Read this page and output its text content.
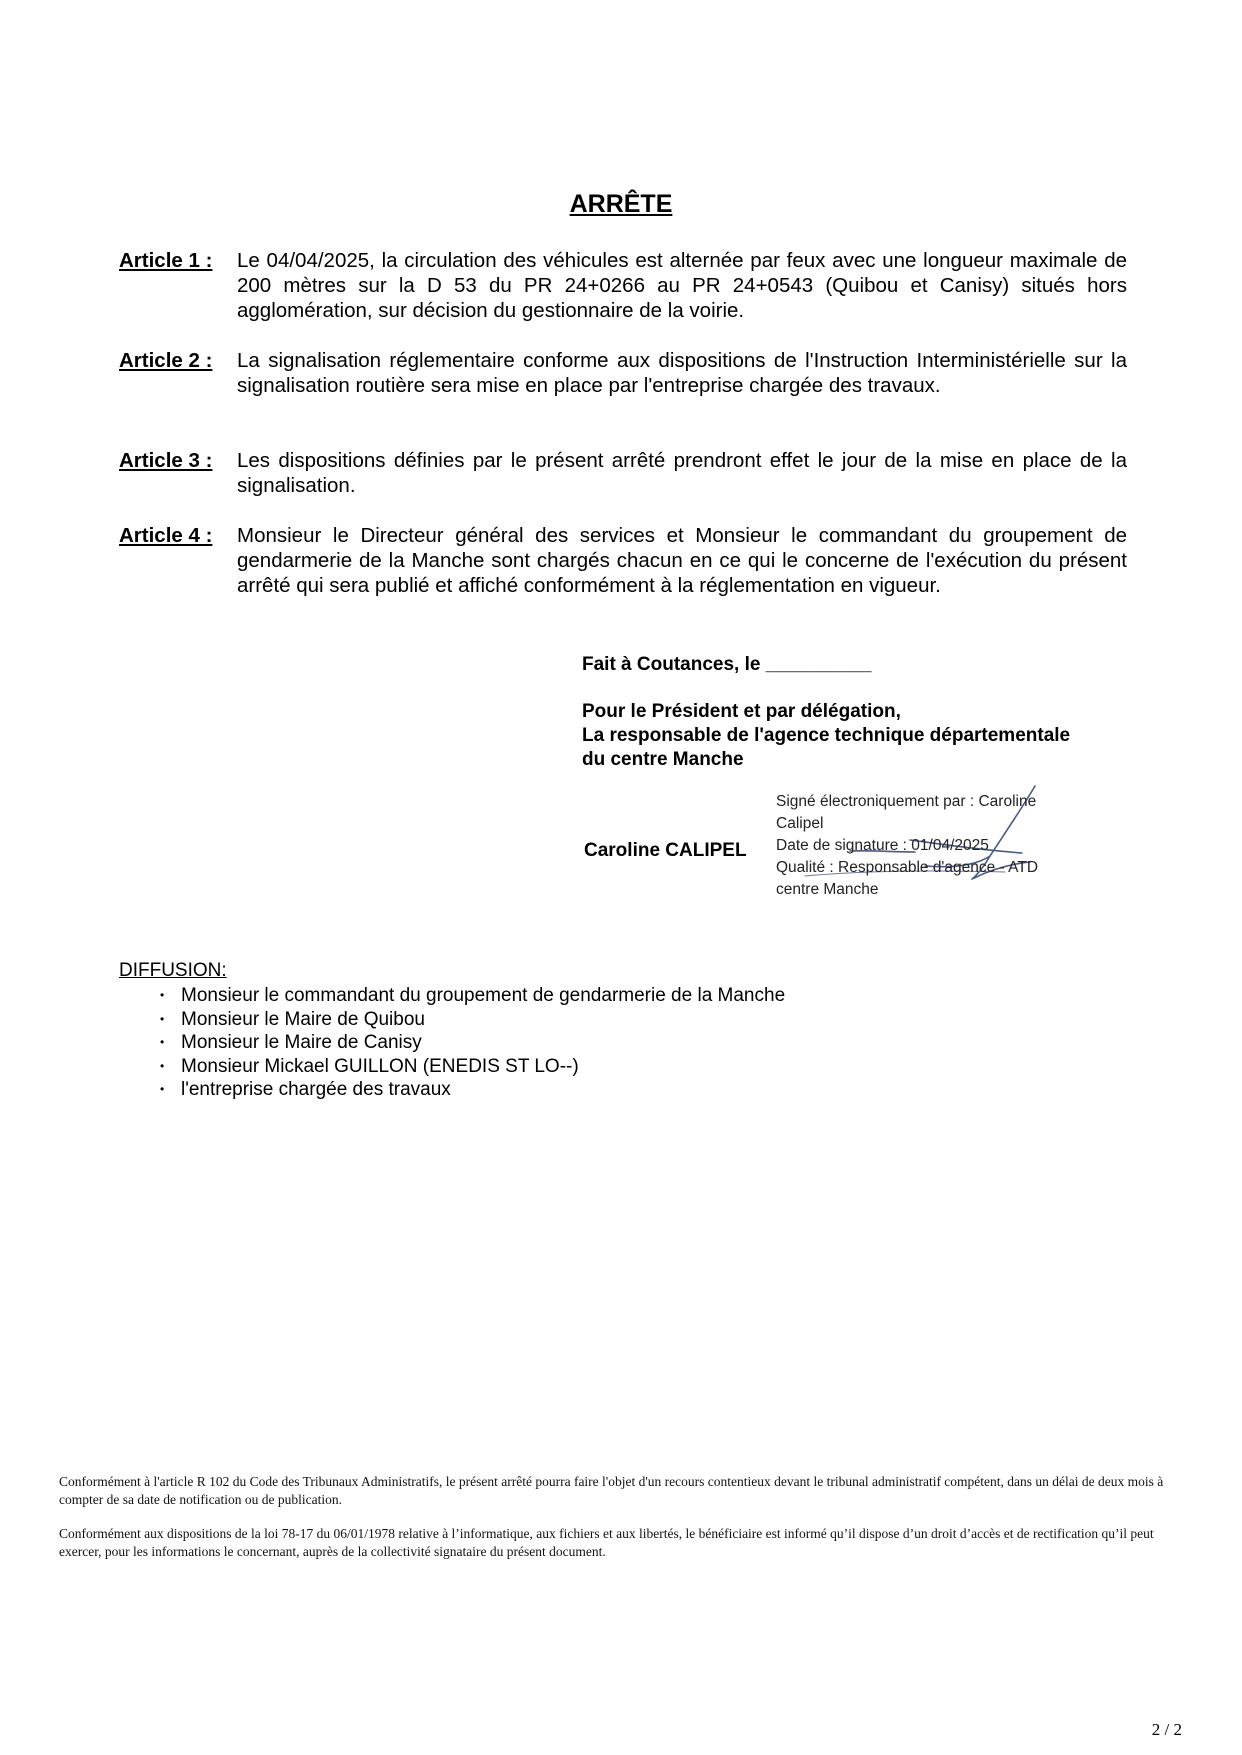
ARRÊTE
Article 1 : Le 04/04/2025, la circulation des véhicules est alternée par feux avec une longueur maximale de 200 mètres sur la D 53 du PR 24+0266 au PR 24+0543 (Quibou et Canisy) situés hors agglomération, sur décision du gestionnaire de la voirie.
Article 2 : La signalisation réglementaire conforme aux dispositions de l'Instruction Interministérielle sur la signalisation routière sera mise en place par l'entreprise chargée des travaux.
Article 3 : Les dispositions définies par le présent arrêté prendront effet le jour de la mise en place de la signalisation.
Article 4 : Monsieur le Directeur général des services et Monsieur le commandant du groupement de gendarmerie de la Manche sont chargés chacun en ce qui le concerne de l'exécution du présent arrêté qui sera publié et affiché conformément à la réglementation en vigueur.
Fait à Coutances, le __________
Pour le Président et par délégation,
La responsable de l'agence technique départementale
du centre Manche
Caroline CALIPEL
Signé électroniquement par : Caroline
Calipel
Date de signature : 01/04/2025
Qualité : Responsable d'agence - ATD
centre Manche
DIFFUSION:
• Monsieur le commandant du groupement de gendarmerie de la Manche
• Monsieur le Maire de Quibou
• Monsieur le Maire de Canisy
• Monsieur Mickael GUILLON (ENEDIS ST LO--)
• l'entreprise chargée des travaux
Conformément à l'article R 102 du Code des Tribunaux Administratifs, le présent arrêté pourra faire l'objet d'un recours contentieux devant le tribunal administratif compétent, dans un délai de deux mois à compter de sa date de notification ou de publication.
Conformément aux dispositions de la loi 78-17 du 06/01/1978 relative à l’informatique, aux fichiers et aux libertés, le bénéficiaire est informé qu’il dispose d’un droit d’accès et de rectification qu’il peut exercer, pour les informations le concernant, auprès de la collectivité signataire du présent document.
2 / 2
